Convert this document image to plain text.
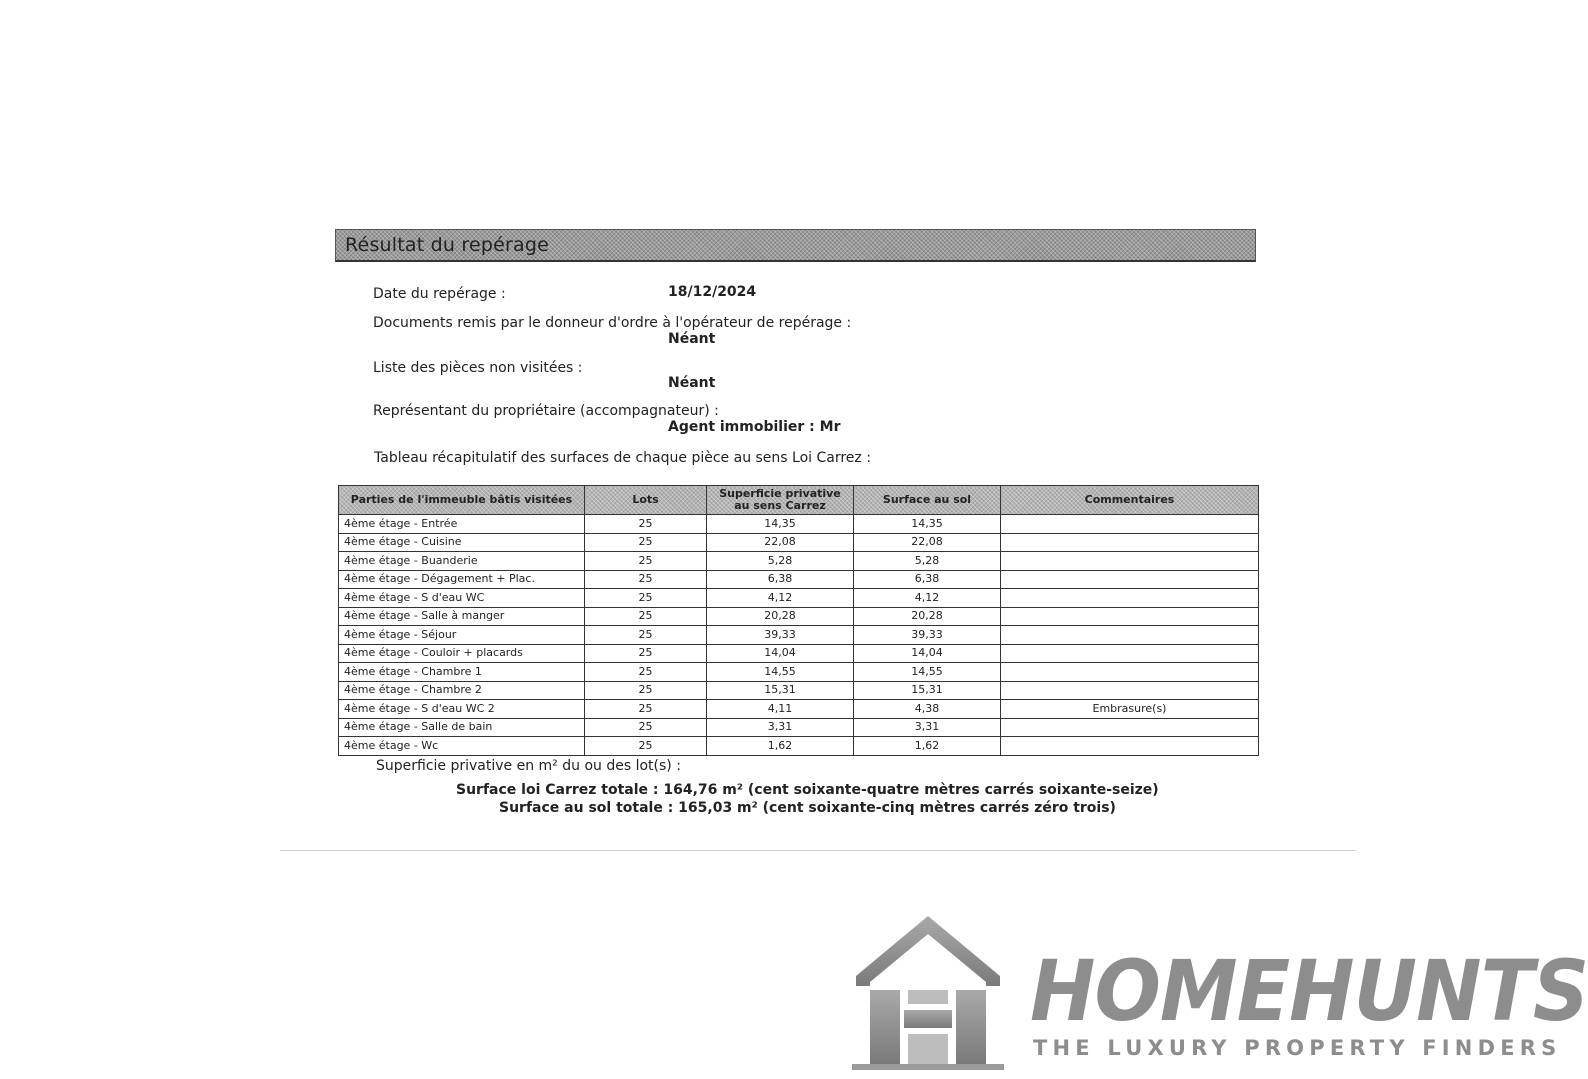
Résultat du repérage
Date du repérage :	18/12/2024
Documents remis par le donneur d'ordre à l'opérateur de repérage :
Néant
Liste des pièces non visitées :
Néant
Représentant du propriétaire (accompagnateur) :
Agent immobilier : Mr
Tableau récapitulatif des surfaces de chaque pièce au sens Loi Carrez :
Parties de l'immeuble bâtis visitées	Lots	Superficie privative au sens Carrez	Surface au sol	Commentaires
4ème étage - Entrée	25	14,35	14,35	
4ème étage - Cuisine	25	22,08	22,08	
4ème étage - Buanderie	25	5,28	5,28	
4ème étage - Dégagement + Plac.	25	6,38	6,38	
4ème étage - S d'eau WC	25	4,12	4,12	
4ème étage - Salle à manger	25	20,28	20,28	
4ème étage - Séjour	25	39,33	39,33	
4ème étage - Couloir + placards	25	14,04	14,04	
4ème étage - Chambre 1	25	14,55	14,55	
4ème étage - Chambre 2	25	15,31	15,31	
4ème étage - S d'eau WC 2	25	4,11	4,38	Embrasure(s)
4ème étage - Salle de bain	25	3,31	3,31	
4ème étage - Wc	25	1,62	1,62	
Superficie privative en m² du ou des lot(s) :
Surface loi Carrez totale : 164,76 m² (cent soixante-quatre mètres carrés soixante-seize)
Surface au sol totale : 165,03 m² (cent soixante-cinq mètres carrés zéro trois)
HOMEHUNTS
THE LUXURY PROPERTY FINDERS
